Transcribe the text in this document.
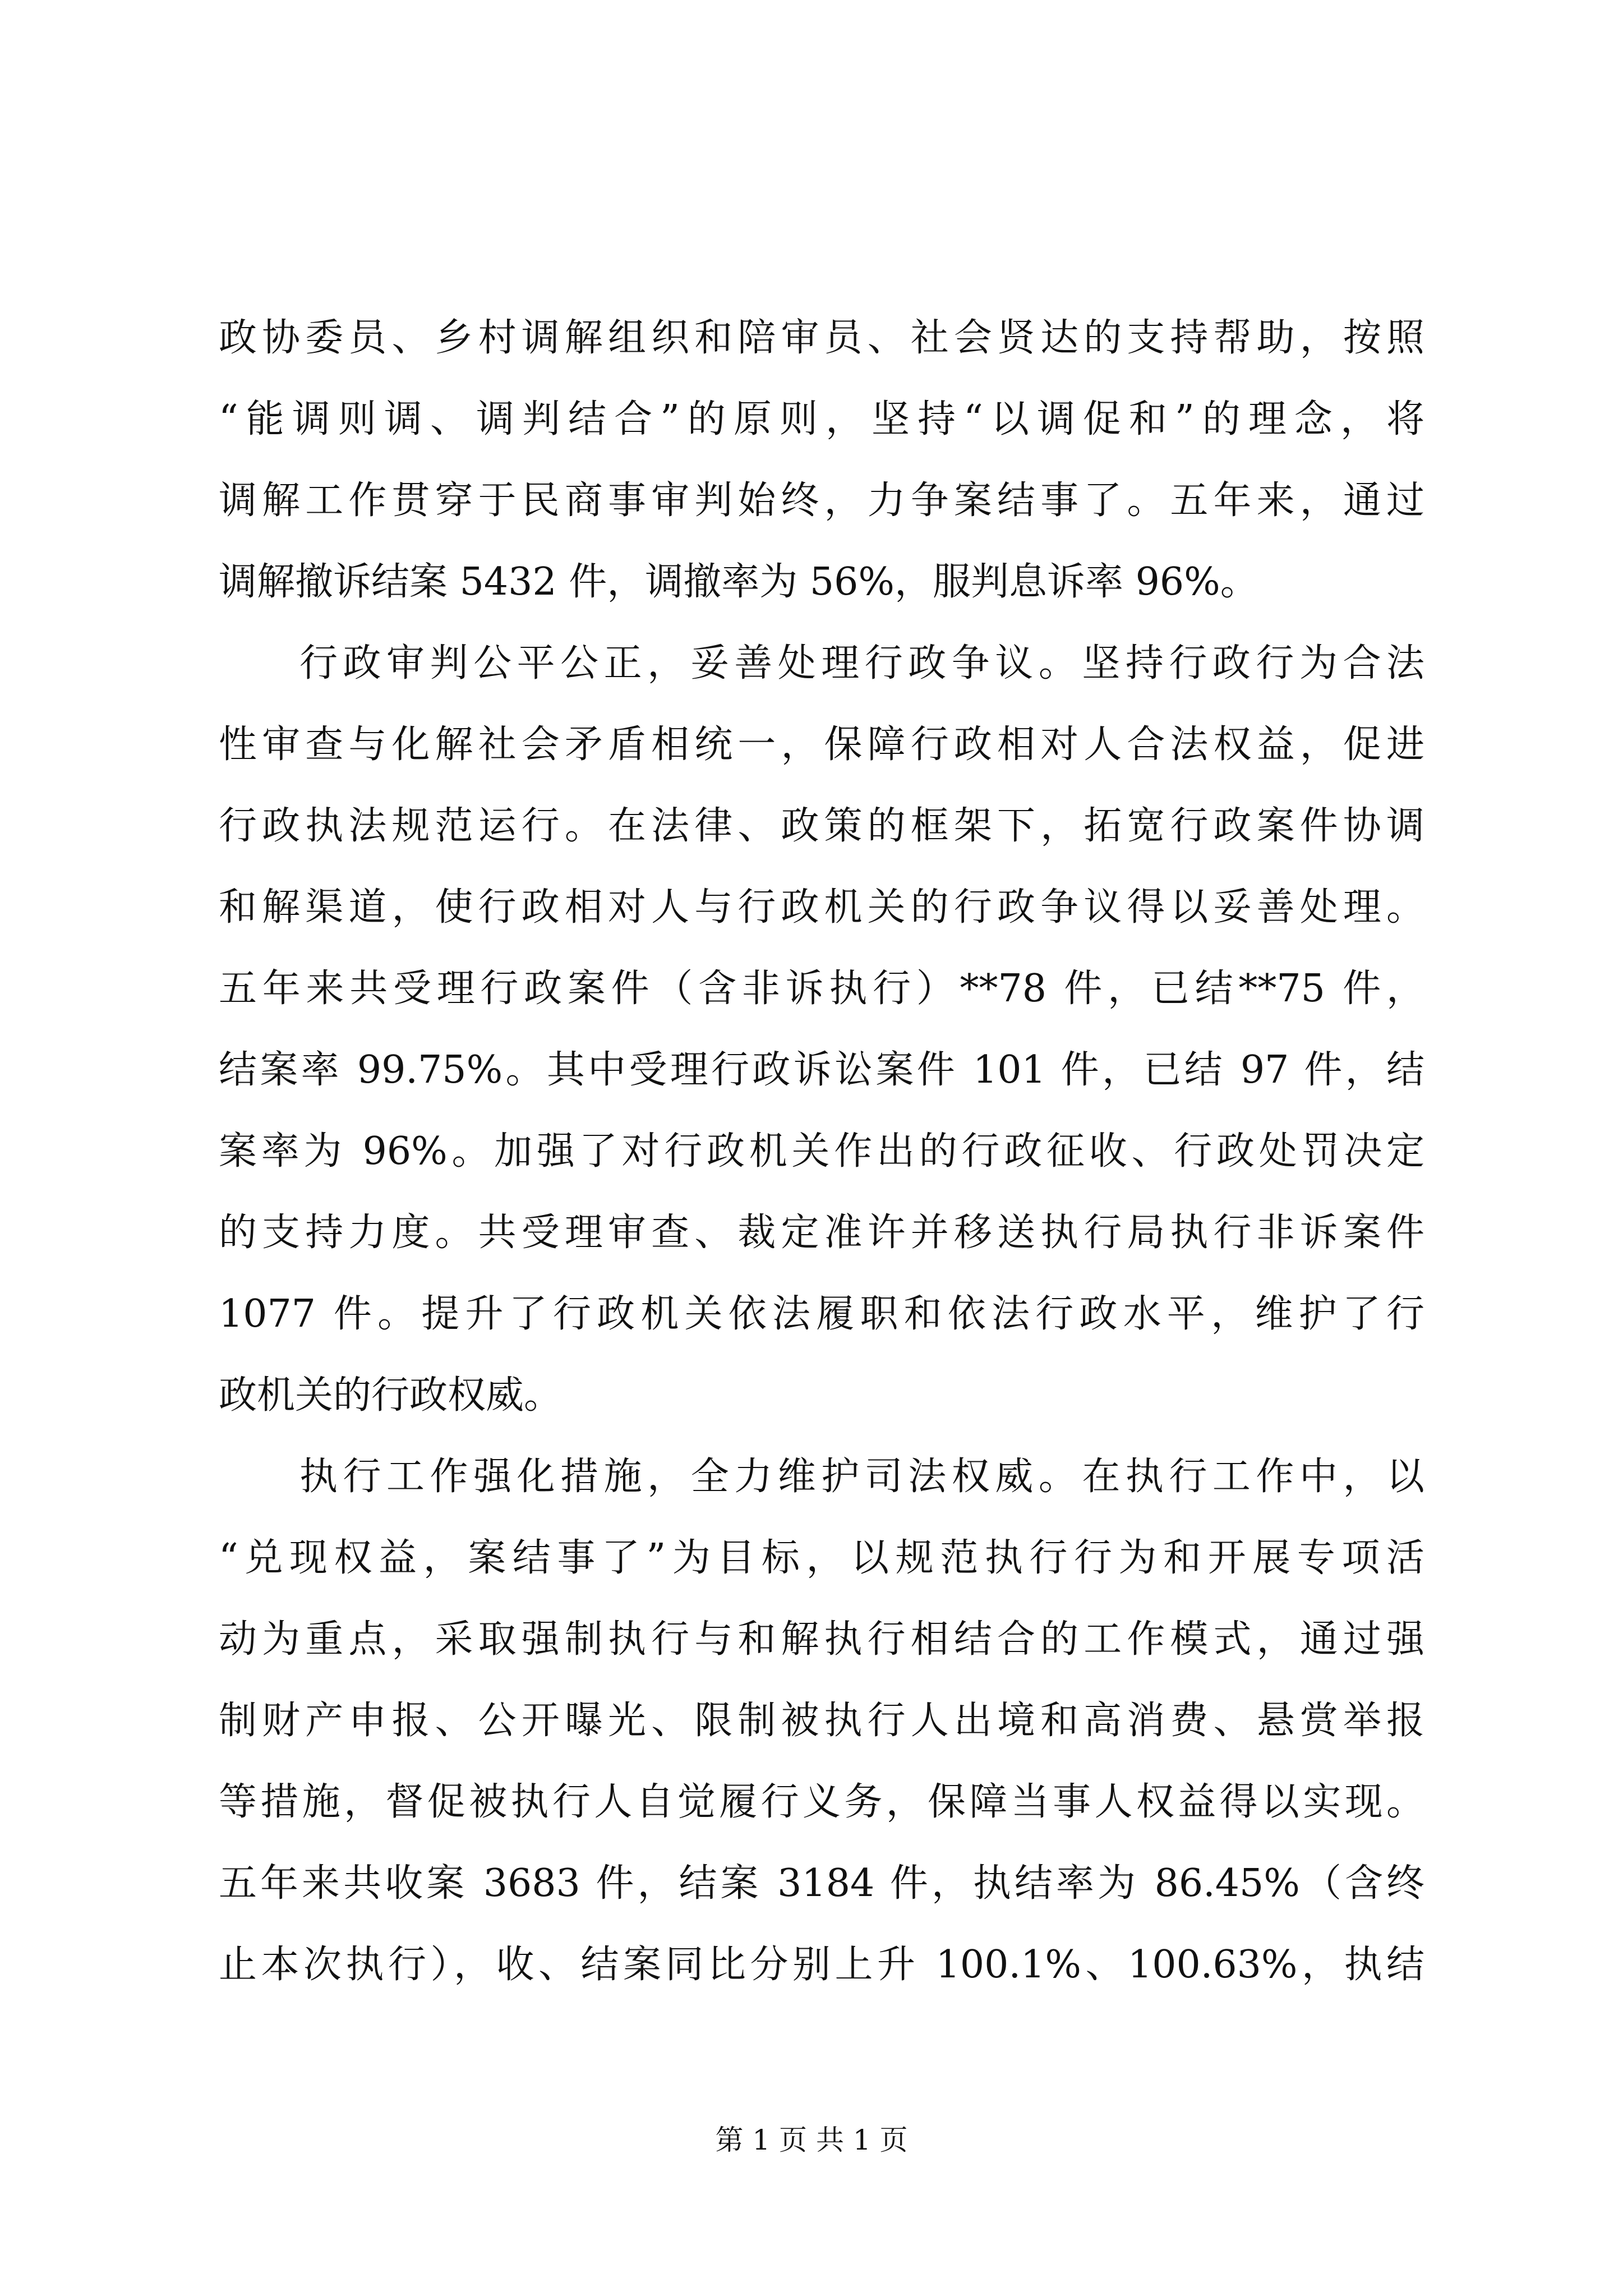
政协委员、乡村调解组织和陪审员、社会贤达的支持帮助，按照
“能调则调、调判结合”的原则，坚持“以调促和”的理念，将
调解工作贯穿于民商事审判始终，力争案结事了。五年来，通过
调解撤诉结案 5432 件，调撤率为 56%，服判息诉率 96%。
行政审判公平公正，妥善处理行政争议。坚持行政行为合法
性审查与化解社会矛盾相统一，保障行政相对人合法权益，促进
行政执法规范运行。在法律、政策的框架下，拓宽行政案件协调
和解渠道，使行政相对人与行政机关的行政争议得以妥善处理。
五年来共受理行政案件（含非诉执行）**78 件，已结**75 件，
结案率 99.75%。其中受理行政诉讼案件 101 件，已结 97 件，结
案率为 96%。加强了对行政机关作出的行政征收、行政处罚决定
的支持力度。共受理审查、裁定准许并移送执行局执行非诉案件
1077 件。提升了行政机关依法履职和依法行政水平，维护了行
政机关的行政权威。
执行工作强化措施，全力维护司法权威。在执行工作中，以
“兑现权益，案结事了”为目标，以规范执行行为和开展专项活
动为重点，采取强制执行与和解执行相结合的工作模式，通过强
制财产申报、公开曝光、限制被执行人出境和高消费、悬赏举报
等措施，督促被执行人自觉履行义务，保障当事人权益得以实现。
五年来共收案 3683 件，结案 3184 件，执结率为 86.45%（含终
止本次执行），收、结案同比分别上升 100.1%、100.63%，执结
第 1 页 共 1 页
